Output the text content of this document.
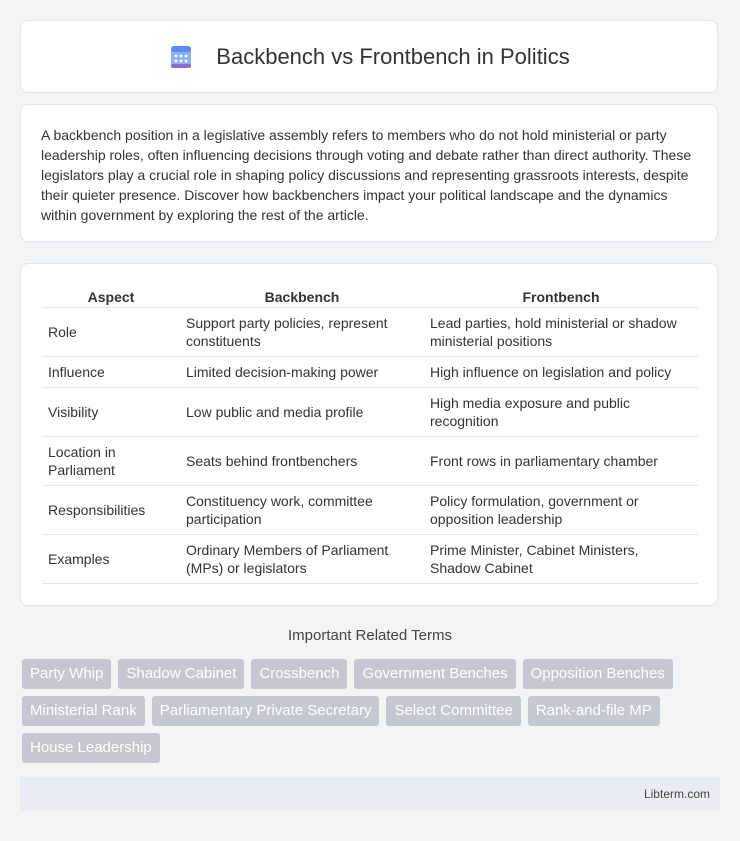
Backbench vs Frontbench in Politics

A backbench position in a legislative assembly refers to members who do not hold ministerial or party leadership roles, often influencing decisions through voting and debate rather than direct authority. These legislators play a crucial role in shaping policy discussions and representing grassroots interests, despite their quieter presence. Discover how backbenchers impact your political landscape and the dynamics within government by exploring the rest of the article.

Aspect	Backbench	Frontbench
Role	Support party policies, represent constituents	Lead parties, hold ministerial or shadow ministerial positions
Influence	Limited decision-making power	High influence on legislation and policy
Visibility	Low public and media profile	High media exposure and public recognition
Location in Parliament	Seats behind frontbenchers	Front rows in parliamentary chamber
Responsibilities	Constituency work, committee participation	Policy formulation, government or opposition leadership
Examples	Ordinary Members of Parliament (MPs) or legislators	Prime Minister, Cabinet Ministers, Shadow Cabinet
Important Related Terms
Party Whip	Shadow Cabinet	Crossbench	Government Benches	Opposition Benches
Ministerial Rank	Parliamentary Private Secretary	Select Committee	Rank-and-file MP
House Leadership
Libterm.com
